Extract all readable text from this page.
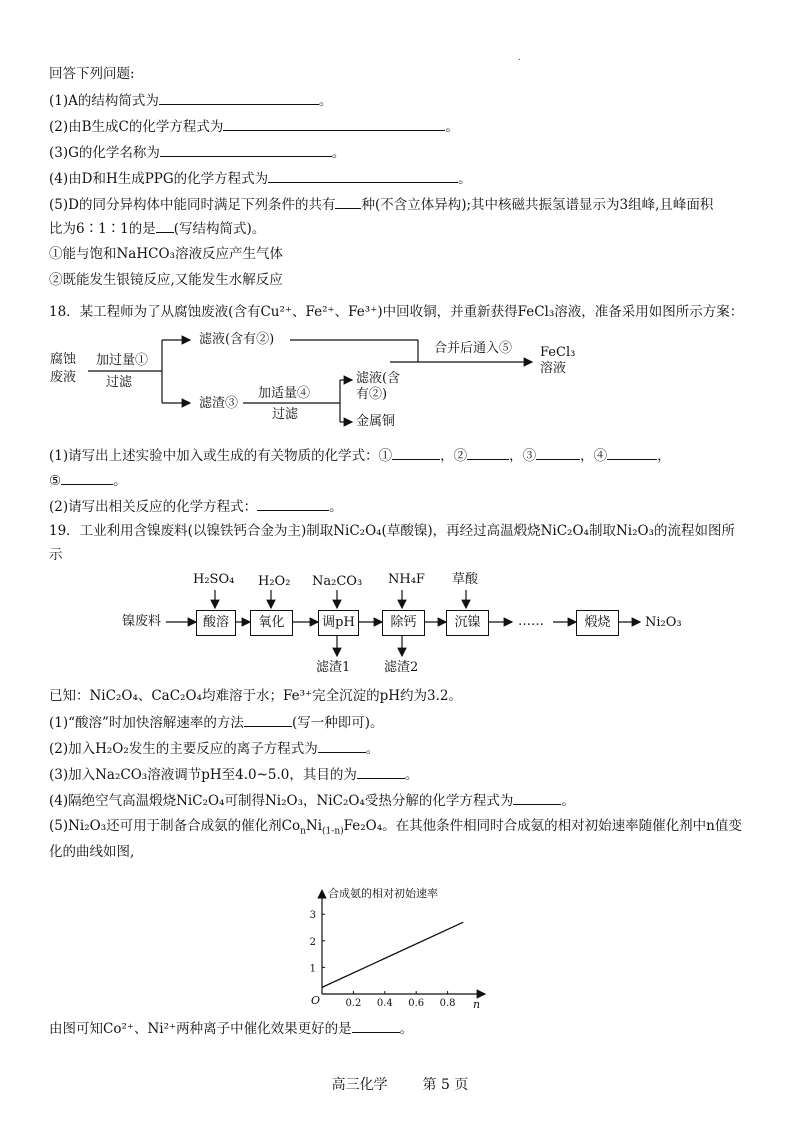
.
回答下列问题:
(1)A的结构简式为	。
(2)由B生成C的化学方程式为	。
(3)G的化学名称为	。
(4)由D和H生成PPG的化学方程式为	。
(5)D的同分异构体中能同时满足下列条件的共有 种(不含立体异构);其中核磁共振氢谱显示为3组峰,且峰面积
比为6∶1∶1的是 (写结构简式)。
①能与饱和NaHCO₃溶液反应产生气体
②既能发生银镜反应,又能发生水解反应
18．某工程师为了从腐蚀废液(含有Cu²⁺、Fe²⁺、Fe³⁺)中回收铜，并重新获得FeCl₃溶液，准备采用如图所示方案：
腐蚀
废液
加过量①
过滤
滤液(含有②)
滤渣③
加适量④
过滤
滤液(含
有②)
金属铜
合并后通入⑤ FeCl₃
溶液
(1)请写出上述实验中加入或生成的有关物质的化学式：①	，②	，③	，④	，
⑤	。
(2)请写出相关反应的化学方程式：	。
19．工业利用含镍废料(以镍铁钙合金为主)制取NiC₂O₄(草酸镍)，再经过高温煅烧NiC₂O₄制取Ni₂O₃的流程如图所
示
镍废料	酸溶	氧化	调pH	除钙	沉镍	……	煅烧	Ni₂O₃
H₂SO₄ H₂O₂ Na₂CO₃ NH₄F 草酸
滤渣1	滤渣2
已知：NiC₂O₄、CaC₂O₄均难溶于水；Fe³⁺完全沉淀的pH约为3.2。
(1)“酸溶”时加快溶解速率的方法	(写一种即可)。
(2)加入H₂O₂发生的主要反应的离子方程式为	。
(3)加入Na₂CO₃溶液调节pH至4.0~5.0，其目的为	。
(4)隔绝空气高温煅烧NiC₂O₄可制得Ni₂O₃，NiC₂O₄受热分解的化学方程式为	。
(5)Ni₂O₃还可用于制备合成氨的催化剂$Co_nNi_{(1-n)}Fe_2O_4$。在其他条件相同时合成氨的相对初始速率随催化剂中n值变
化的曲线如图,
合成氨的相对初始速率
n
O	0.2 0.4 0.6 0.8
1
2
3
由图可知Co²⁺、Ni²⁺两种离子中催化效果更好的是	。
高三化学 第 5 页
